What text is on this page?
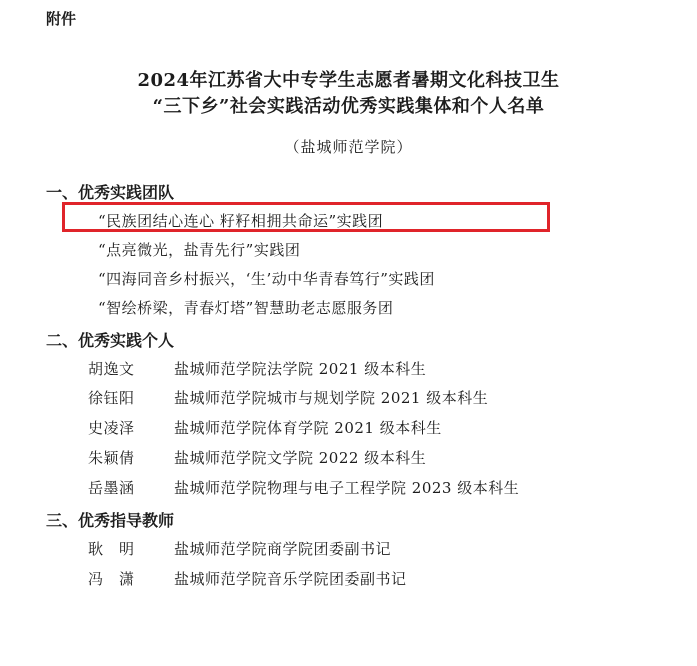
附件
2024年江苏省大中专学生志愿者暑期文化科技卫生
“三下乡”社会实践活动优秀实践集体和个人名单
（盐城师范学院）
一、优秀实践团队
“民族团结心连心 籽籽相拥共命运”实践团
“点亮微光，盐青先行”实践团
“四海同音乡村振兴，‘生’动中华青春笃行”实践团
“智绘桥梁，青春灯塔”智慧助老志愿服务团
二、优秀实践个人
胡逸文	盐城师范学院法学院 2021 级本科生
徐钰阳	盐城师范学院城市与规划学院 2021 级本科生
史凌泽	盐城师范学院体育学院 2021 级本科生
朱颖倩	盐城师范学院文学院 2022 级本科生
岳墨涵	盐城师范学院物理与电子工程学院 2023 级本科生
三、优秀指导教师
耿　明	盐城师范学院商学院团委副书记
冯　潇	盐城师范学院音乐学院团委副书记
